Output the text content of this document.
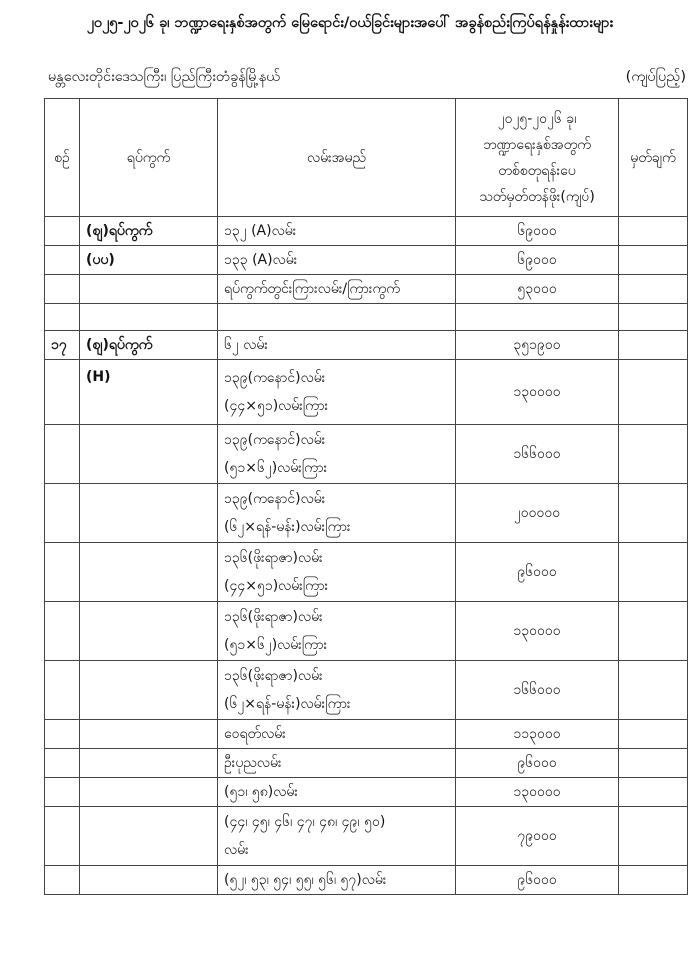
၂၀၂၅-၂၀၂၆ ခု၊ ဘဏ္ဍာရေးနှစ်အတွက် မြေရောင်း/ဝယ်ခြင်းများအပေါ် အခွန်စည်းကြပ်ရန်နှုန်းထားများ
မန္တလေးတိုင်းဒေသကြီး၊ ပြည်ကြီးတံခွန်မြို့နယ်	(ကျပ်ပြည့်)
စဉ်	ရပ်ကွက်	လမ်းအမည်	၂၀၂၅-၂၀၂၆ ခု၊
ဘဏ္ဍာရေးနှစ်အတွက်
တစ်စတုရန်းပေ
သတ်မှတ်တန်ဖိုး(ကျပ်)	မှတ်ချက်
	(စျ)ရပ်ကွက်	၁၃၂ (A)လမ်း	၆၉၀၀၀	
	(ပပ)	၁၃၃ (A)လမ်း	၆၉၀၀၀	
		ရပ်ကွက်တွင်းကြားလမ်း/ကြားကွက်	၅၃၀၀၀	

၁၇	(စျ)ရပ်ကွက်	၆၂ လမ်း	၃၅၁၉၀၀	
	(H)	၁၃၉(ကနောင်)လမ်း
(၄၄×၅၁)လမ်းကြား	၁၃၀၀၀၀	

		၁၃၉(ကနောင်)လမ်း
(၅၁×၆၂)လမ်းကြား	၁၆၆၀၀၀	

		၁၃၉(ကနောင်)လမ်း
(၆၂×ရန်-မန်း)လမ်းကြား	၂၀၀၀၀၀	

		၁၃၆(ဖိုးရာဇာ)လမ်း
(၄၄×၅၁)လမ်းကြား	၉၆၀၀၀	

		၁၃၆(ဖိုးရာဇာ)လမ်း
(၅၁×၆၂)လမ်းကြား	၁၃၀၀၀၀	

		၁၃၆(ဖိုးရာဇာ)လမ်း
(၆၂×ရန်-မန်း)လမ်းကြား	၁၆၆၀၀၀	
		ဝေရတ်လမ်း	၁၁၃၀၀၀	
		ဦးပုညလမ်း	၉၆၀၀၀	
		(၅၁၊ ၅၈)လမ်း	၁၃၀၀၀၀	

		(၄၄၊ ၄၅၊ ၄၆၊ ၄၇၊ ၄၈၊ ၄၉၊ ၅၀)
လမ်း	၇၉၀၀၀	
		(၅၂၊ ၅၃၊ ၅၄၊ ၅၅၊ ၅၆၊ ၅၇)လမ်း	၉၆၀၀၀	
